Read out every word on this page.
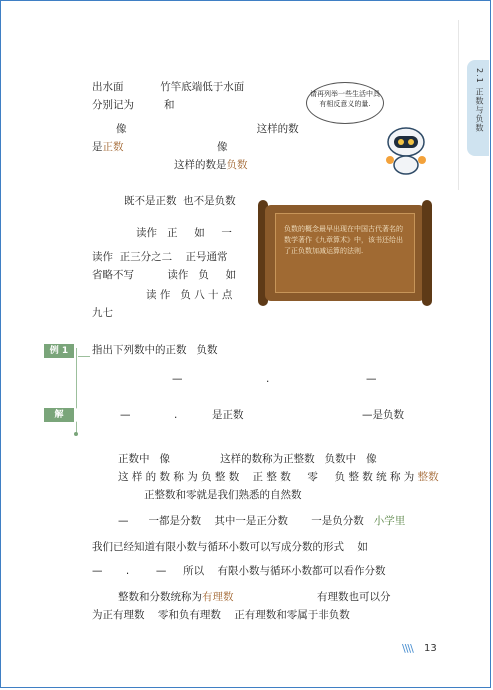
2.1 正数与负数
出水面           竹竿底端低于水面
分别记为         和
像                                       这样的数
是正数                            像
这样的数是负数
请再列举一些生活中具有相反意义的量.
既不是正数  也不是负数
负数的概念最早出现在中国古代著名的数学著作《九章算术》中，该书还给出了正负数加减运算的法则.
读作   正     如     一
读作  正三分之二    正号通常
省略不写          读作   负     如
读 作   负 八 十 点
九七
例 1	指出下列数中的正数   负数
—	.	—
解	—	.	是正数	—是负数
正数中   像               这样的数称为正整数   负数中   像
这 样 的 数 称 为 负 整 数    正 整 数     零     负 整 数 统 称 为 整数
正整数和零就是我们熟悉的自然数
—      一都是分数    其中一是正分数       一是负分数   小学里
我们已经知道有限小数与循环小数可以写成分数的形式    如
—       .        —     所以    有限小数与循环小数都可以看作分数
整数和分数统称为有理数                         有理数也可以分
为正有理数    零和负有理数    正有理数和零属于非负数
\\\\ 13
